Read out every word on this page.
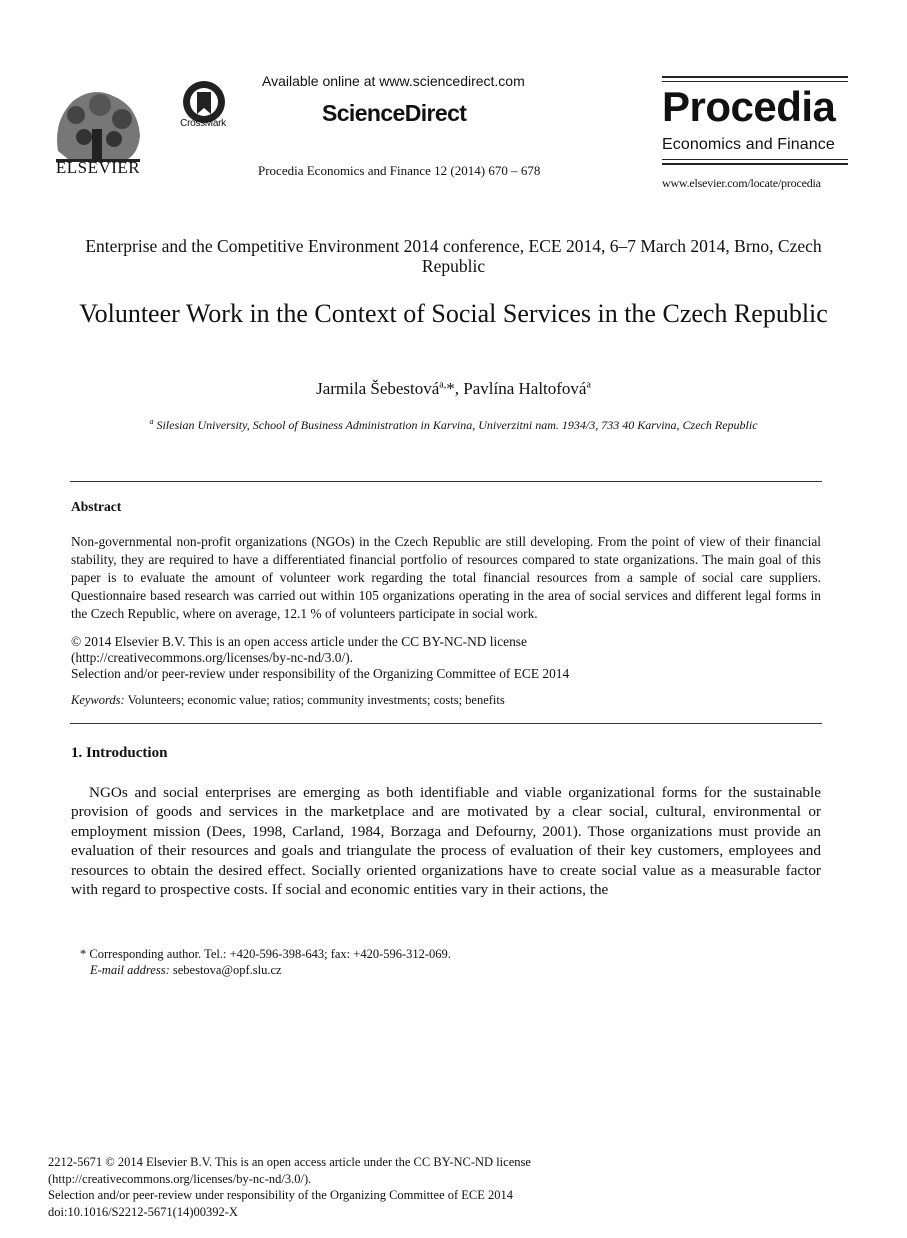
ELSEVIER
CrossMark
Available online at www.sciencedirect.com
ScienceDirect
Procedia Economics and Finance 12 (2014) 670 – 678
Procedia
Economics and Finance
www.elsevier.com/locate/procedia
Enterprise and the Competitive Environment 2014 conference, ECE 2014, 6–7 March 2014, Brno, Czech Republic
Volunteer Work in the Context of Social Services in the Czech Republic
Jarmila Šebestová$^{a,}$*, Pavlína Haltofová$^a$
$^a$ Silesian University, School of Business Administration in Karvina, Univerzitni nam. 1934/3, 733 40 Karvina, Czech Republic
Abstract
Non-governmental non-profit organizations (NGOs) in the Czech Republic are still developing. From the point of view of their financial stability, they are required to have a differentiated financial portfolio of resources compared to state organizations. The main goal of this paper is to evaluate the amount of volunteer work regarding the total financial resources from a sample of social care suppliers. Questionnaire based research was carried out within 105 organizations operating in the area of social services and different legal forms in the Czech Republic, where on average, 12.1 % of volunteers participate in social work.
© 2014 Elsevier B.V. This is an open access article under the CC BY-NC-ND license
(http://creativecommons.org/licenses/by-nc-nd/3.0/).
Selection and/or peer-review under responsibility of the Organizing Committee of ECE 2014
Keywords: Volunteers; economic value; ratios; community investments; costs; benefits
1. Introduction
NGOs and social enterprises are emerging as both identifiable and viable organizational forms for the sustainable provision of goods and services in the marketplace and are motivated by a clear social, cultural, environmental or employment mission (Dees, 1998, Carland, 1984, Borzaga and Defourny, 2001). Those organizations must provide an evaluation of their resources and goals and triangulate the process of evaluation of their key customers, employees and resources to obtain the desired effect. Socially oriented organizations have to create social value as a measurable factor with regard to prospective costs. If social and economic entities vary in their actions, the
* Corresponding author. Tel.: +420-596-398-643; fax: +420-596-312-069.
E-mail address: sebestova@opf.slu.cz
2212-5671 © 2014 Elsevier B.V. This is an open access article under the CC BY-NC-ND license
(http://creativecommons.org/licenses/by-nc-nd/3.0/).
Selection and/or peer-review under responsibility of the Organizing Committee of ECE 2014
doi:10.1016/S2212-5671(14)00392-X
